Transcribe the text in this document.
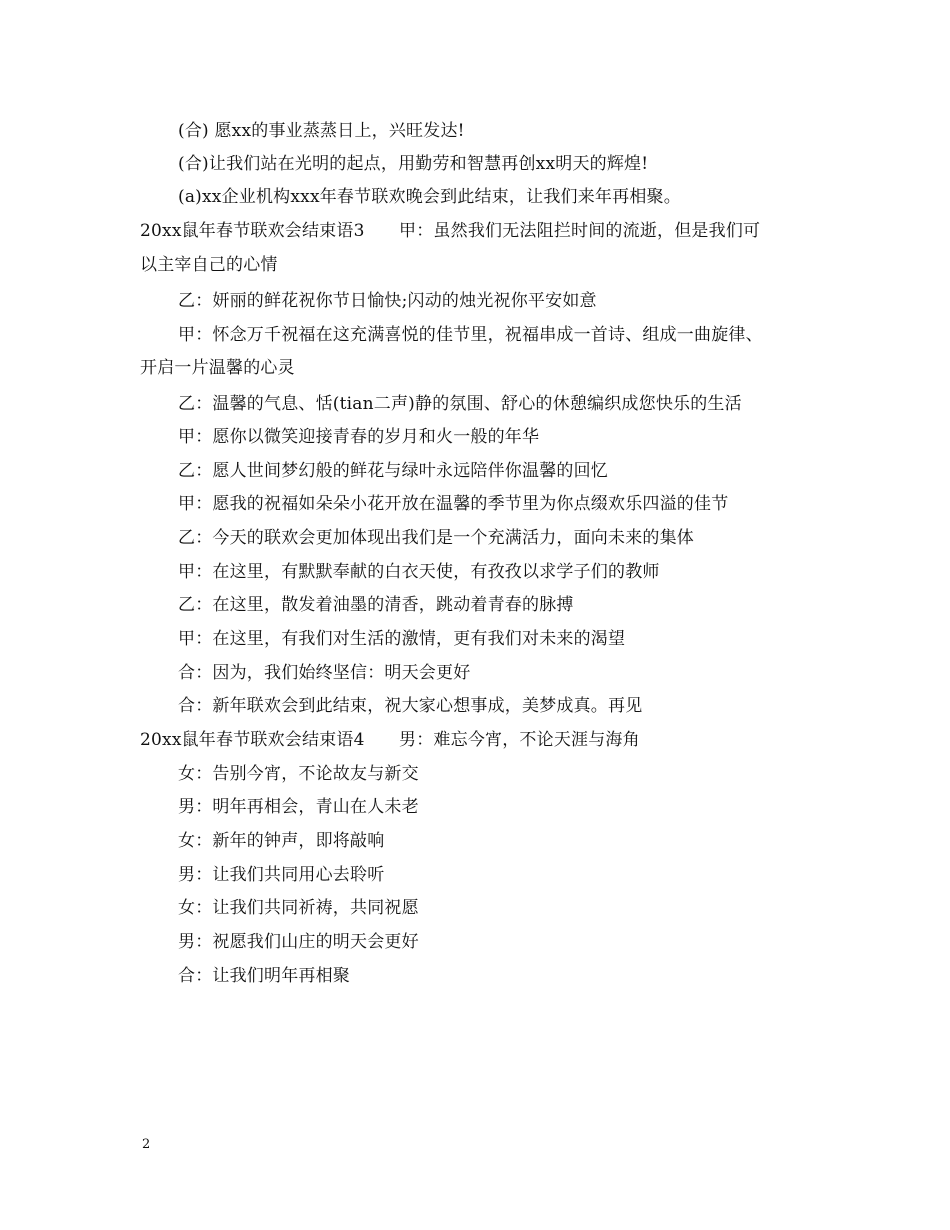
(合) 愿xx的事业蒸蒸日上，兴旺发达!
(合)让我们站在光明的起点，用勤劳和智慧再创xx明天的辉煌!
(a)xx企业机构xxx年春节联欢晚会到此结束，让我们来年再相聚。
20xx鼠年春节联欢会结束语3　　甲：虽然我们无法阻拦时间的流逝，但是我们可
以主宰自己的心情
乙：妍丽的鲜花祝你节日愉快;闪动的烛光祝你平安如意
甲：怀念万千祝福在这充满喜悦的佳节里，祝福串成一首诗、组成一曲旋律、
开启一片温馨的心灵
乙：温馨的气息、恬(tian二声)静的氛围、舒心的休憩编织成您快乐的生活
甲：愿你以微笑迎接青春的岁月和火一般的年华
乙：愿人世间梦幻般的鲜花与绿叶永远陪伴你温馨的回忆
甲：愿我的祝福如朵朵小花开放在温馨的季节里为你点缀欢乐四溢的佳节
乙：今天的联欢会更加体现出我们是一个充满活力，面向未来的集体
甲：在这里，有默默奉献的白衣天使，有孜孜以求学子们的教师
乙：在这里，散发着油墨的清香，跳动着青春的脉搏
甲：在这里，有我们对生活的激情，更有我们对未来的渴望
合：因为，我们始终坚信：明天会更好
合：新年联欢会到此结束，祝大家心想事成，美梦成真。再见
20xx鼠年春节联欢会结束语4　　男：难忘今宵，不论天涯与海角
女：告别今宵，不论故友与新交
男：明年再相会，青山在人未老
女：新年的钟声，即将敲响
男：让我们共同用心去聆听
女：让我们共同祈祷，共同祝愿
男：祝愿我们山庄的明天会更好
合：让我们明年再相聚
2
